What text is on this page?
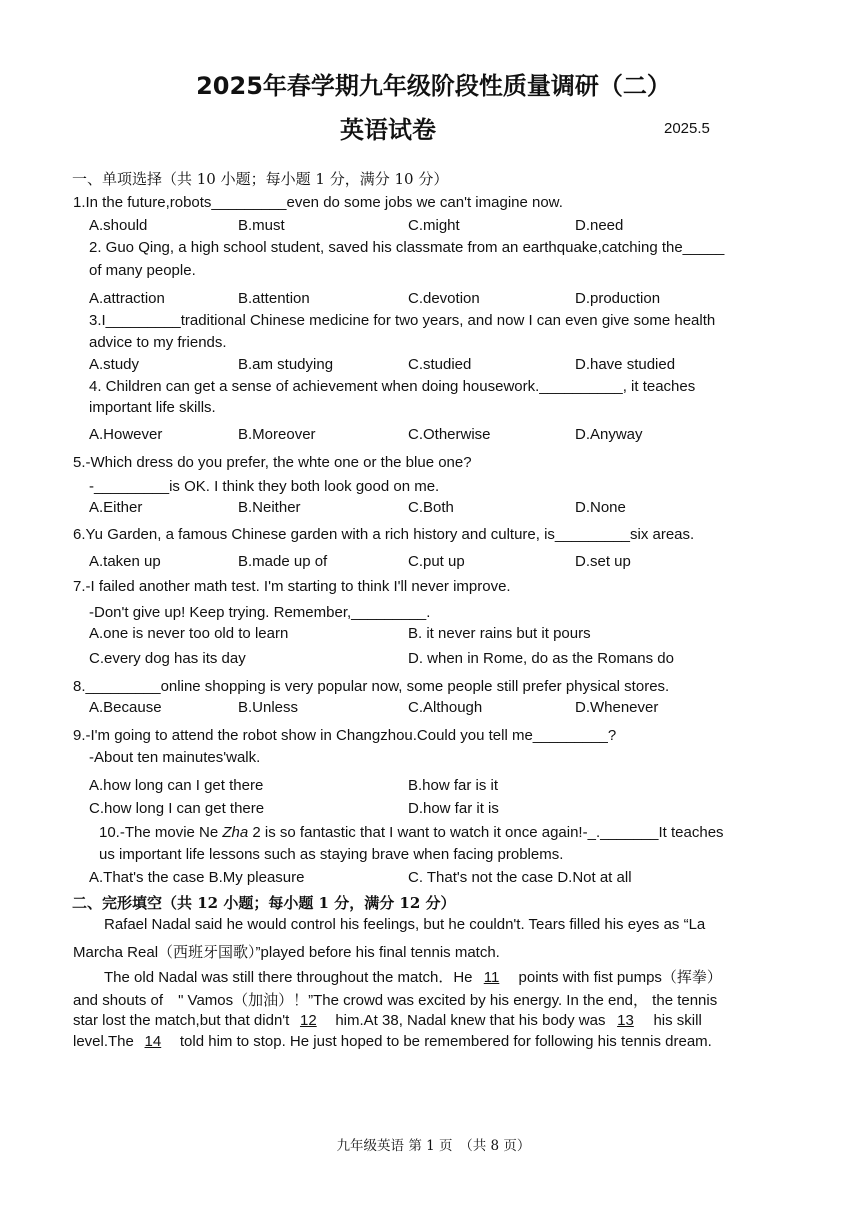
2025年春学期九年级阶段性质量调研（二）
英语试卷	2025.5
一、单项选择（共 10 小题；每小题 1 分，满分 10 分）
1.In the future,robots_________even do some jobs we can't imagine now.
A.should	B.must	C.might	D.need
2. Guo Qing, a high school student, saved his classmate from an earthquake,catching the_____
of many people.
A.attraction	B.attention	C.devotion	D.production
3.I_________traditional Chinese medicine for two years, and now I can even give some health
advice to my friends.
A.study	B.am studying	C.studied	D.have studied
4. Children can get a sense of achievement when doing housework.__________, it teaches
important life skills.
A.However	B.Moreover	C.Otherwise	D.Anyway
5.-Which dress do you prefer, the whte one or the blue one?
-_________is OK. I think they both look good on me.
A.Either	B.Neither	C.Both	D.None
6.Yu Garden, a famous Chinese garden with a rich history and culture, is_________six areas.
A.taken up	B.made up of	C.put up	D.set up
7.-I failed another math test. I'm starting to think I'll never improve.
-Don't give up! Keep trying. Remember,_________.
A.one is never too old to learn	B. it never rains but it pours
C.every dog has its day	D. when in Rome, do as the Romans do
8._________online shopping is very popular now, some people still prefer physical stores.
A.Because	B.Unless	C.Although	D.Whenever
9.-I'm going to attend the robot show in Changzhou.Could you tell me_________?
-About ten mainutes'walk.
A.how long can I get there	B.how far is it
C.how long I can get there	D.how far it is
10.-The movie Ne Zha 2 is so fantastic that I want to watch it once again!-_._______It teaches
us important life lessons such as staying brave when facing problems.
A.That's the case B.My pleasure	C. That's not the case D.Not at all
二、完形填空（共 12 小题；每小题 1 分，满分 12 分）
Rafael Nadal said he would control his feelings, but he couldn't. Tears filled his eyes as “La
Marcha Real（西班牙国歌）”played before his final tennis match.
The old Nadal was still there throughout the match．He 11 points with fist pumps（挥拳）
and shouts of　" Vamos（加油）！”The crowd was excited by his energy. In the end， the tennis
star lost the match,but that didn't 12 him.At 38, Nadal knew that his body was 13 his skill
level.The 14 told him to stop. He just hoped to be remembered for following his tennis dream.
九年级英语 第 1 页　（共 8 页）
